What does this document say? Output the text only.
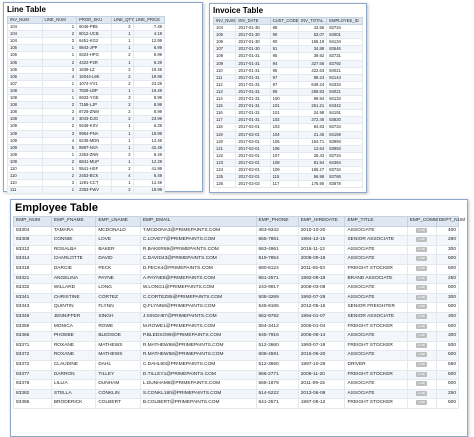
Line Table
INV_NUM	LINE_NUM	PROD_SKU	LINE_QTY	LINE_PRICE
104	1	6046-PB5	2	7.49
104	2	8012-UCB	1	4.19
104	3	6451-KG2	1	12.99
105	1	9843-JPP	1	8.99
106	1	9324-HPG	2	8.99
106	2	4322-P2R	1	8.29
106	3	1838-LZ	2	19.49
106	4	15044-L8K	2	19.99
107	1	1074-VV1	2	23.29
108	1	7828-LBP	1	16.49
108	1	6933-YGE	3	8.99
108	2	7158-LJP	2	8.99
108	3	8726-ZNM	2	8.99
108	4	3043-DJG	2	23.99
109	2	9446-KSV	1	6.29
109	3	9964-PNA	1	19.99
109	4	6248-MDN	1	12.49
109	5	8997-NVA	1	42.49
109	1	2453-ZNN	2	8.49
109	2	6841-MUP	1	12.29
110	1	5541-HSF	2	41.99
110	2	2453-BCK	4	8.49
110	3	1291-CCT	1	12.49
111	1	2353-FWV	2	19.99
Invoice Table
INV_NUM	INV_DATE	CUST_CODE	INV_TOTAL	EMPLOYEE_ID
104	2017-01-30	88	43.56	83734
105	2017-01-30	90	53.07	84001
106	2017-01-30	90	165.19	84134
107	2017-01-30	91	34.88	83646
108	2017-01-31	95	39.92	83731
109	2017-01-31	94	327.66	83792
110	2017-01-31	95	422.63	84021
111	2017-01-31	97	88.24	84144
112	2017-01-31	97	649.24	84334
113	2017-01-31	99	259.83	84021
114	2017-01-31	100	99.94	84134
115	2017-01-31	101	261.21	84342
116	2017-01-31	101	24.98	84191
117	2017-01-31	102	372.46	83820
118	2017-02-01	103	64.83	83734
119	2017-02-01	104	21.45	84159
120	2017-02-01	105	154.71	83993
121	2017-02-01	106	12.64	83993
122	2017-02-01	107	26.43	83734
123	2017-02-01	108	81.94	84364
124	2017-02-01	109	165.27	83734
125	2017-02-01	115	56.98	83766
126	2017-02-02	117	175.90	83878
Employee Table
EMP_NUM	EMP_FNAME	EMP_LNAME	EMP_EMAIL	EMP_PHONE	EMP_HIREDATE	EMP_TITLE	EMP_COMM	DEPT_NUM
83304	TAMARA	MCDONALD	T.MCDONA3@PRIMEPAINTS.COM	453-9342	2010-10-20	ASSOCIATE	(null)	400
83308	CONNIE	LOVE	C.LOVE77@PRIMEPAINTS.COM	665-7861	1984-12-15	SENIOR ASSOCIATE	(null)	280
83312	ROSALBA	BAKER	R.BAKER69@PRIMEPAINTS.COM	663-4961	2016-11-12	ASSOCIATE	(null)	300
83314	CHARLOTTE	DAVID	C.DAVID43@PRIMEPAINTS.COM	519-7854	2008-09-18	ASSOCIATE	(null)	500
83318	DARCIE	PECK	D.PECK4@PRIMEPAINTS.COM	680-6124	2011-05-03	FREIGHT STOCKER	(null)	500
83321	ANGELINA	PAYNE	A.PAYNE8@PRIMEPAINTS.COM	651-2571	1992-09-18	BRAND ASSOCIATE	(null)	250
83332	WILLARD	LONG	W.LONG1@PRIMEPAINTS.COM	243-9917	2008-03-08	ASSOCIATE	(null)	500
83341	CHRISTINE	CORTEZ	C.CORTEZ85@PRIMEPAINTS.COM	508-3269	1992-07-28	ASSOCIATE	(null)	300
83343	QUINTIN	FLYNN	Q.FLYNN8@PRIMEPAINTS.COM	545-9165	2012-05-16	SENIOR FREIGHTER	(null)	500
83349	JENNIFFER	SINGH	J.SINGH87@PRIMEPAINTS.COM	562-9792	1994-01-07	SENIOR ASSOCIATE	(null)	300
83359	MONICA	ROWE	M.ROWE1@PRIMEPAINTS.COM	554-3412	2005-01-04	FREIGHT STOCKER	(null)	500
83366	PHOEBE	BLEDSOE	P.BLEDSO99@PRIMEPAINTS.COM	645-7916	2006-08-14	ASSOCIATE	(null)	300
83371	ROXANE	MATHEWS	R.MATHEW68@PRIMEPAINTS.COM	512-3660	1993-07-19	FREIGHT STOCKER	(null)	500
83372	ROXANE	MATHEWS	R.MATHEW58@PRIMEPAINTS.COM	608-4591	2015-06-20	ASSOCIATE	(null)	500
83372	CLAUDINE	DAHL	C.DAHL90@PRIMEPAINTS.COM	512-3660	1997-10-29	DRIVER	(null)	550
83377	DARRON	TILLEY	D.TILLEY1@PRIMEPAINTS.COM	566-2771	2008-11-20	FREIGHT STOCKER	(null)	500
83378	LILLIA	DUNHAM	L.DUNHAM8@PRIMEPAINTS.COM	568-1879	2011-09-15	ASSOCIATE	(null)	500
83382	STELLA	CONKLIN	S.CONKL180@PRIMEPAINTS.COM	514-5222	2013-06-08	ASSOCIATE	(null)	250
83385	BRODERICK	COLBERT	B.COLBERT@PRIMEPAINTS.COM	641-2571	1997-08-12	FREIGHT STOCKER	(null)	500
